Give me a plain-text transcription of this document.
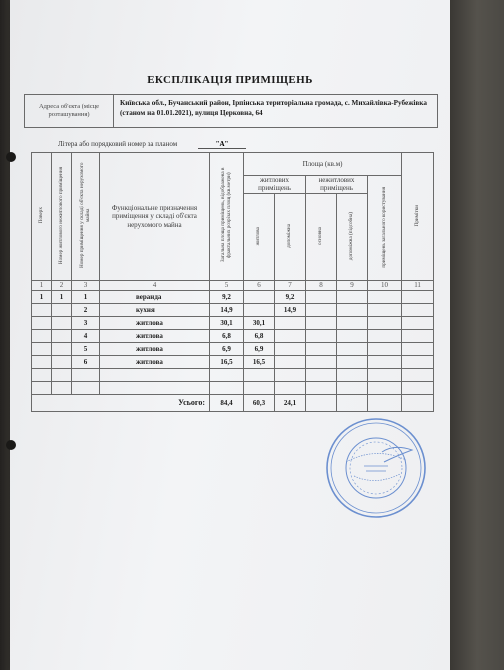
ЕКСПЛІКАЦІЯ ПРИМІЩЕНЬ
Адреса об'єкта (місце розташування)
Київська обл., Бучанський район, Ірпінська територіальна громада, с. Михайлівка-Рубежівка (станом на 01.01.2021), вулиця Церковна, 64
Літера або порядковий номер за планом	"А"
Поверх	Номер житлового нежитлового приміщення	Номер приміщення у складі об'єкта нерухомого майна	Функціональне призначення приміщення у складі об'єкта нерухомого майна	Загальна площа приміщень, відображена в фрактальних розрізах площ (кв.метри)	Площа (кв.м)					Примітки
					житлових приміщень		нежитлових приміщень		приміщень загального користування	
					житлова	допоміжна	основна	допоміжна (підсобна)		
1	2	3	4	5	6	7	8	9	10	11
1	1	1	веранда	9,2		9,2				
		2	кухня	14,9		14,9				
		3	житлова	30,1	30,1					
		4	житлова	6,8	6,8					
		5	житлова	6,9	6,9					
		6	житлова	16,5	16,5					

Усього:				84,4	60,3	24,1				
